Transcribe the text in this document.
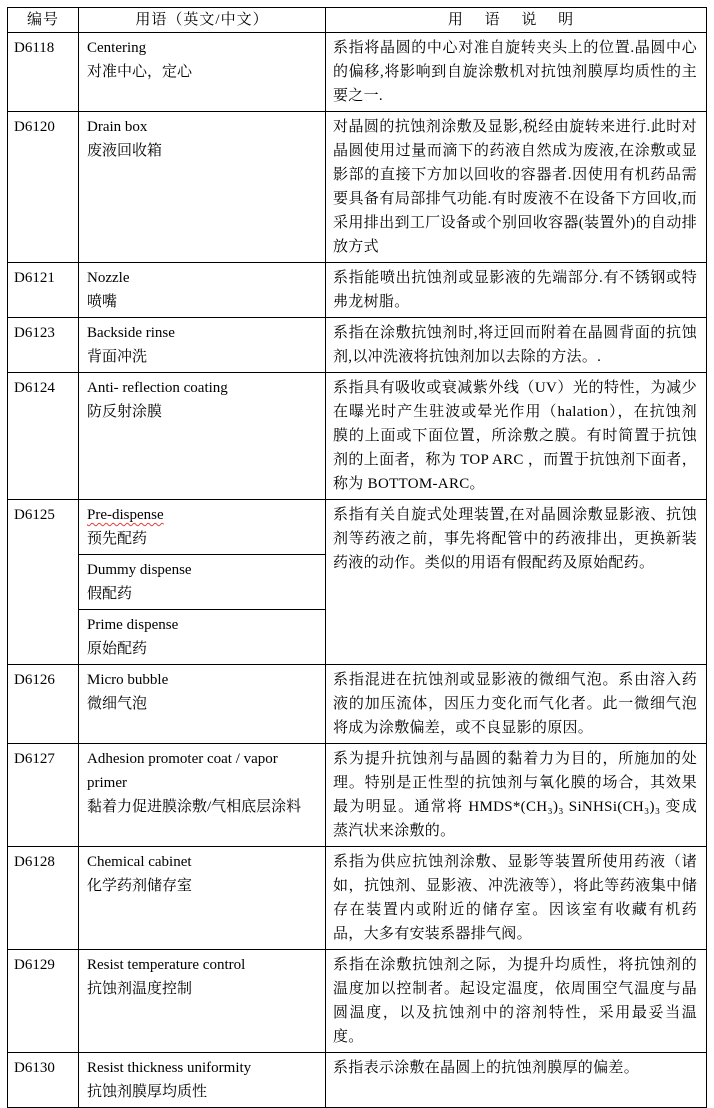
编号	用语（英文/中文）	用 语 说 明

D6118	Centering
对准中心，定心	系指将晶圆的中心对准自旋转夹头上的位置.晶圆中心的偏移,将影响到自旋涂敷机对抗蚀剂膜厚均质性的主要之一.

D6120	Drain box
废液回收箱	对晶圆的抗蚀剂涂敷及显影,税经由旋转来进行.此时对晶圆使用过量而滴下的药液自然成为废液,在涂敷或显影部的直接下方加以回收的容器者.因使用有机药品需要具备有局部排气功能.有时废液不在设备下方回收,而采用排出到工厂设备或个别回收容器(装置外)的自动排放方式

D6121	Nozzle
喷嘴	系指能喷出抗蚀剂或显影液的先端部分.有不锈钢或特弗龙树脂。

D6123	Backside rinse
背面冲洗	系指在涂敷抗蚀剂时,将迂回而附着在晶圆背面的抗蚀剂,以冲洗液将抗蚀剂加以去除的方法。.

D6124	Anti- reflection coating
防反射涂膜	系指具有吸收或衰减紫外线（UV）光的特性，为减少在曝光时产生驻波或晕光作用（halation），在抗蚀剂膜的上面或下面位置，所涂敷之膜。有时简置于抗蚀剂的上面者，称为 TOP ARC ，而置于抗蚀剂下面者，称为 BOTTOM-ARC。

D6125	Pre-dispense
预先配药	系指有关自旋式处理装置,在对晶圆涂敷显影液、抗蚀剂等药液之前，事先将配管中的药液排出，更换新装药液的动作。类似的用语有假配药及原始配药。

	Dummy dispense
假配药	

	Prime dispense
原始配药	

D6126	Micro bubble
微细气泡	系指混进在抗蚀剂或显影液的微细气泡。系由溶入药液的加压流体，因压力变化而气化者。此一微细气泡将成为涂敷偏差，或不良显影的原因。

D6127	Adhesion promoter coat / vapor primer
黏着力促进膜涂敷/气相底层涂料	系为提升抗蚀剂与晶圆的黏着力为目的，所施加的处理。特别是正性型的抗蚀剂与氧化膜的场合，其效果最为明显。通常将 HMDS*(CH₃)₃ SiNHSi(CH₃)₃ 变成蒸汽状来涂敷的。

D6128	Chemical cabinet
化学药剂储存室	系指为供应抗蚀剂涂敷、显影等装置所使用药液（诸如，抗蚀剂、显影液、冲洗液等），将此等药液集中储存在装置内或附近的储存室。因该室有收藏有机药品，大多有安装系器排气阀。

D6129	Resist temperature control
抗蚀剂温度控制	系指在涂敷抗蚀剂之际，为提升均质性，将抗蚀剂的温度加以控制者。起设定温度，依周围空气温度与晶圆温度，以及抗蚀剂中的溶剂特性，采用最妥当温度。

D6130	Resist thickness uniformity
抗蚀剂膜厚均质性	系指表示涂敷在晶圆上的抗蚀剂膜厚的偏差。
